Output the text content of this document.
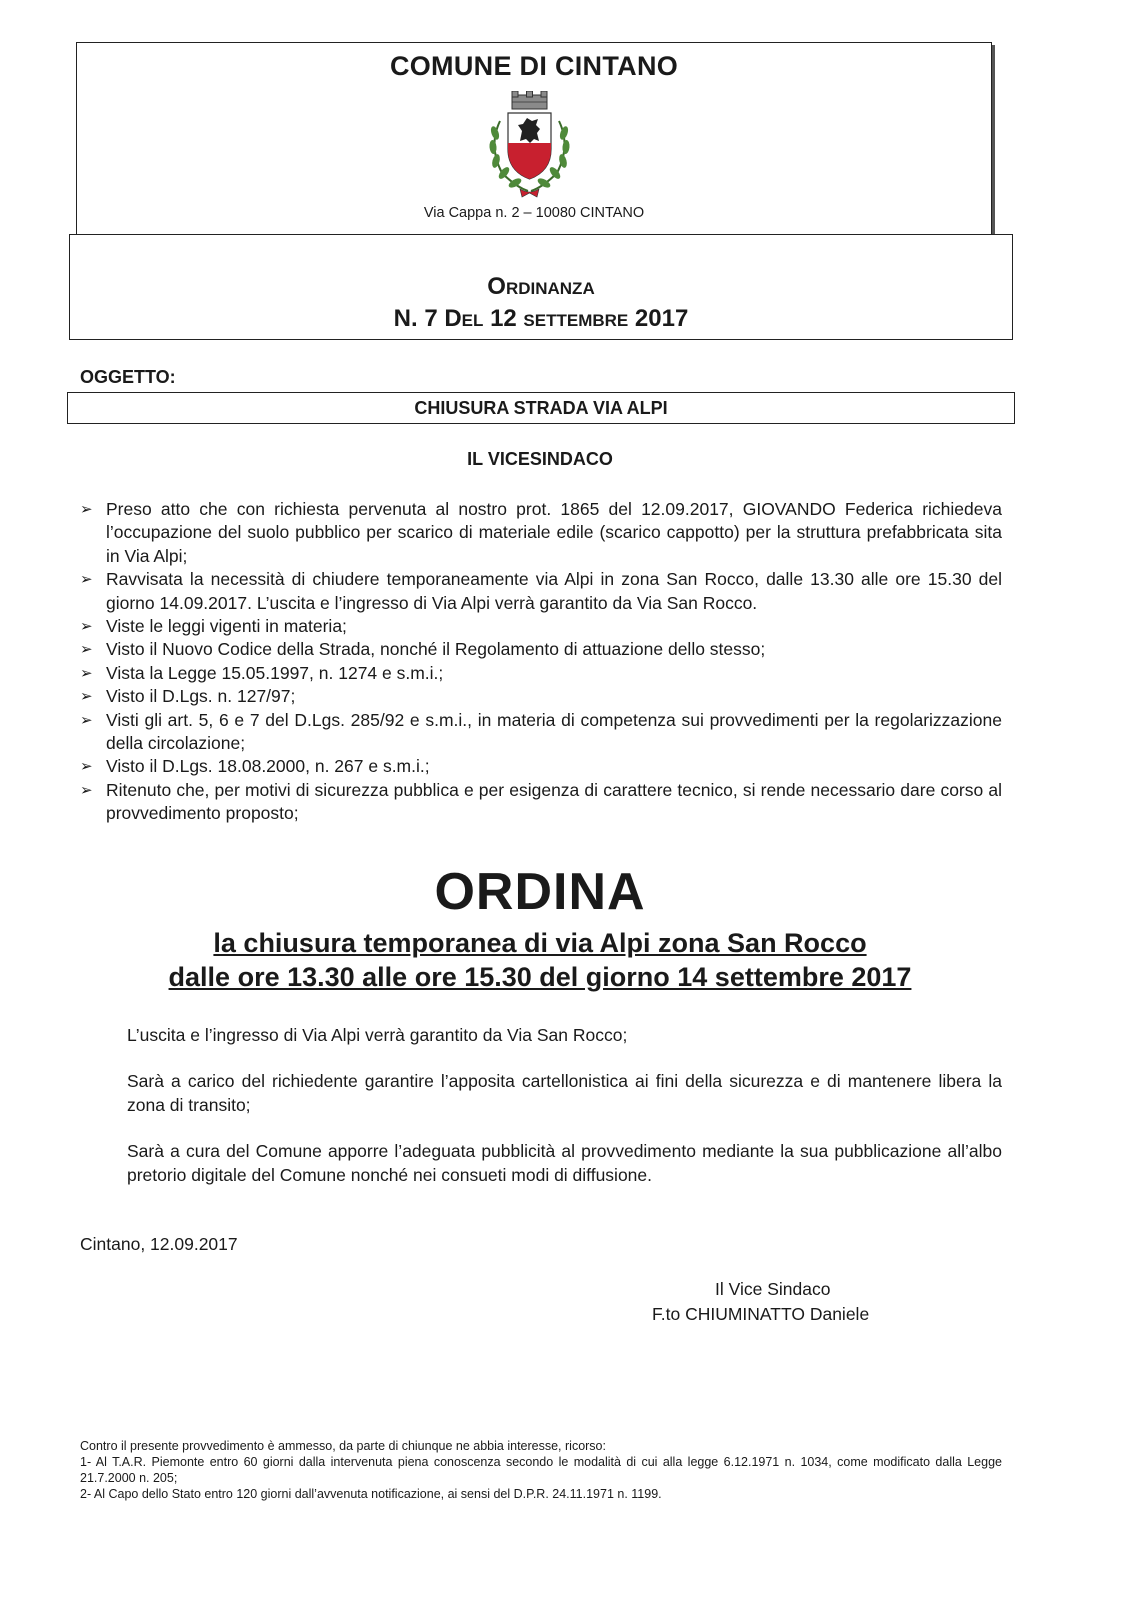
COMUNE DI CINTANO
Via Cappa n. 2 – 10080 CINTANO
Ordinanza
N. 7 Del 12 settembre 2017
OGGETTO:
CHIUSURA STRADA VIA ALPI
IL VICESINDACO
➢ Preso atto che con richiesta pervenuta al nostro prot. 1865 del 12.09.2017, GIOVANDO Federica richiedeva l’occupazione del suolo pubblico per scarico di materiale edile (scarico cappotto) per la struttura prefabbricata sita in Via Alpi;
➢ Ravvisata la necessità di chiudere temporaneamente via Alpi in zona San Rocco, dalle 13.30 alle ore 15.30 del giorno 14.09.2017. L’uscita e l’ingresso di Via Alpi verrà garantito da Via San Rocco.
➢ Viste le leggi vigenti in materia;
➢ Visto il Nuovo Codice della Strada, nonché il Regolamento di attuazione dello stesso;
➢ Vista la Legge 15.05.1997, n. 1274 e s.m.i.;
➢ Visto il D.Lgs. n. 127/97;
➢ Visti gli art. 5, 6 e 7 del D.Lgs. 285/92 e s.m.i., in materia di competenza sui provvedimenti per la regolarizzazione della circolazione;
➢ Visto il D.Lgs. 18.08.2000, n. 267 e s.m.i.;
➢ Ritenuto che, per motivi di sicurezza pubblica e per esigenza di carattere tecnico, si rende necessario dare corso al provvedimento proposto;
ORDINA
la chiusura temporanea di via Alpi zona San Rocco
dalle ore 13.30 alle ore 15.30 del giorno 14 settembre 2017

L’uscita e l’ingresso di Via Alpi verrà garantito da Via San Rocco;

Sarà a carico del richiedente garantire l’apposita cartellonistica ai fini della sicurezza e di mantenere libera la zona di transito;

Sarà a cura del Comune apporre l’adeguata pubblicità al provvedimento mediante la sua pubblicazione all’albo pretorio digitale del Comune nonché nei consueti modi di diffusione.

Cintano, 12.09.2017
Il Vice Sindaco
F.to CHIUMINATTO Daniele
Contro il presente provvedimento è ammesso, da parte di chiunque ne abbia interesse, ricorso:
1- Al T.A.R. Piemonte entro 60 giorni dalla intervenuta piena conoscenza secondo le modalità di cui alla legge 6.12.1971 n. 1034, come modificato dalla Legge 21.7.2000 n. 205;
2- Al Capo dello Stato entro 120 giorni dall’avvenuta notificazione, ai sensi del D.P.R. 24.11.1971 n. 1199.
